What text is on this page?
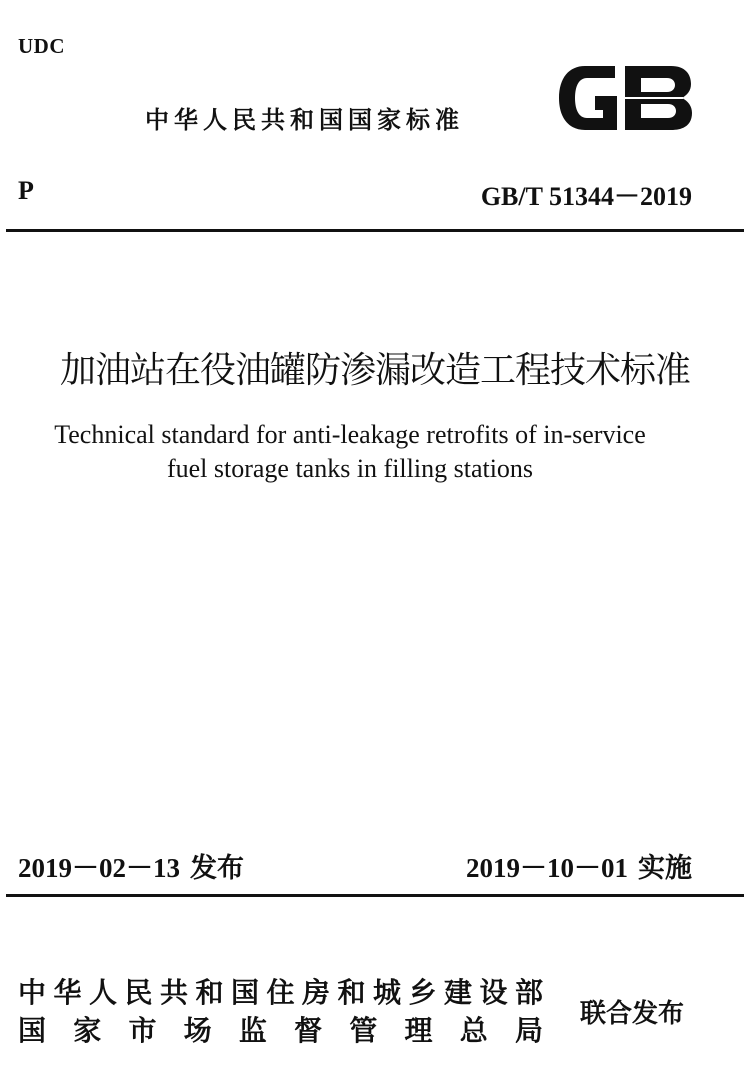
UDC
中华人民共和国国家标准
P	GB/T 51344－2019
加油站在役油罐防渗漏改造工程技术标准
Technical standard for anti-leakage retrofits of in-service
fuel storage tanks in filling stations
2019－02－13 发布	2019－10－01 实施
中华人民共和国住房和城乡建设部
国家市场监督管理总局 联合发布
